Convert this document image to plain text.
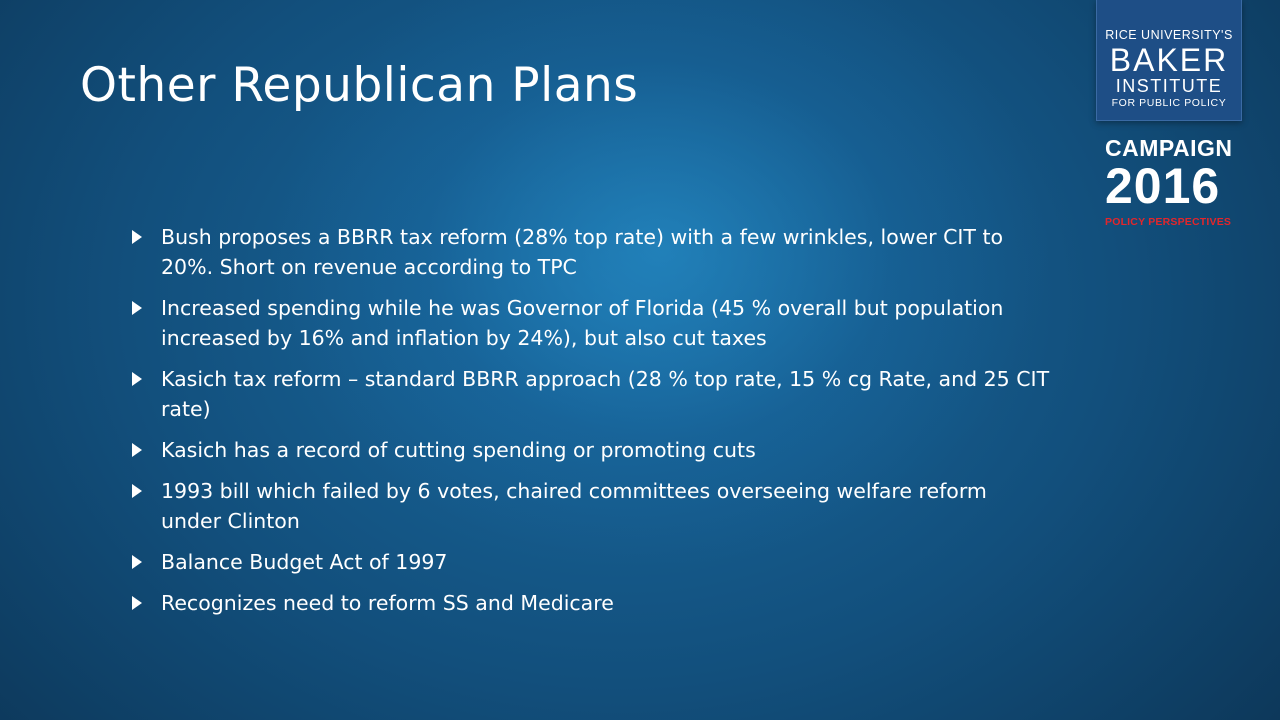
Other Republican Plans
Bush proposes a BBRR tax reform (28% top rate) with a few wrinkles, lower CIT to 20%. Short on revenue according to TPC
Increased spending while he was Governor of Florida (45 % overall but population increased by 16% and inflation by 24%), but also cut taxes
Kasich tax reform – standard BBRR approach (28 % top rate, 15 % cg Rate, and 25 CIT rate)
Kasich has a record of cutting spending or promoting cuts
1993 bill which failed by 6 votes, chaired committees overseeing welfare reform under Clinton
Balance Budget Act of 1997
Recognizes need to reform SS and Medicare
RICE UNIVERSITY'S
BAKER
INSTITUTE
FOR PUBLIC POLICY
CAMPAIGN
2016
POLICY PERSPECTIVES
